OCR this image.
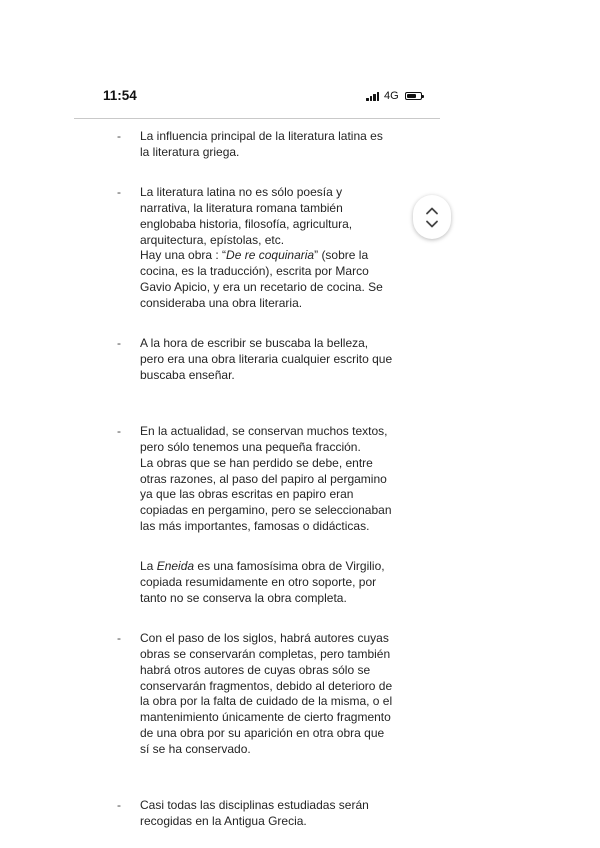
11:54	4G
-	La influencia principal de la literatura latina es
la literatura griega.
-	La literatura latina no es sólo poesía y
narrativa, la literatura romana también
englobaba historia, filosofía, agricultura,
arquitectura, epístolas, etc.
Hay una obra : “De re coquinaria” (sobre la
cocina, es la traducción), escrita por Marco
Gavio Apicio, y era un recetario de cocina. Se
consideraba una obra literaria.
-	A la hora de escribir se buscaba la belleza,
pero era una obra literaria cualquier escrito que
buscaba enseñar.
-	En la actualidad, se conservan muchos textos,
pero sólo tenemos una pequeña fracción.
La obras que se han perdido se debe, entre
otras razones, al paso del papiro al pergamino
ya que las obras escritas en papiro eran
copiadas en pergamino, pero se seleccionaban
las más importantes, famosas o didácticas.
La Eneida es una famosísima obra de Virgilio,
copiada resumidamente en otro soporte, por
tanto no se conserva la obra completa.
-	Con el paso de los siglos, habrá autores cuyas
obras se conservarán completas, pero también
habrá otros autores de cuyas obras sólo se
conservarán fragmentos, debido al deterioro de
la obra por la falta de cuidado de la misma, o el
mantenimiento únicamente de cierto fragmento
de una obra por su aparición en otra obra que
sí se ha conservado.
-	Casi todas las disciplinas estudiadas serán
recogidas en la Antigua Grecia.
